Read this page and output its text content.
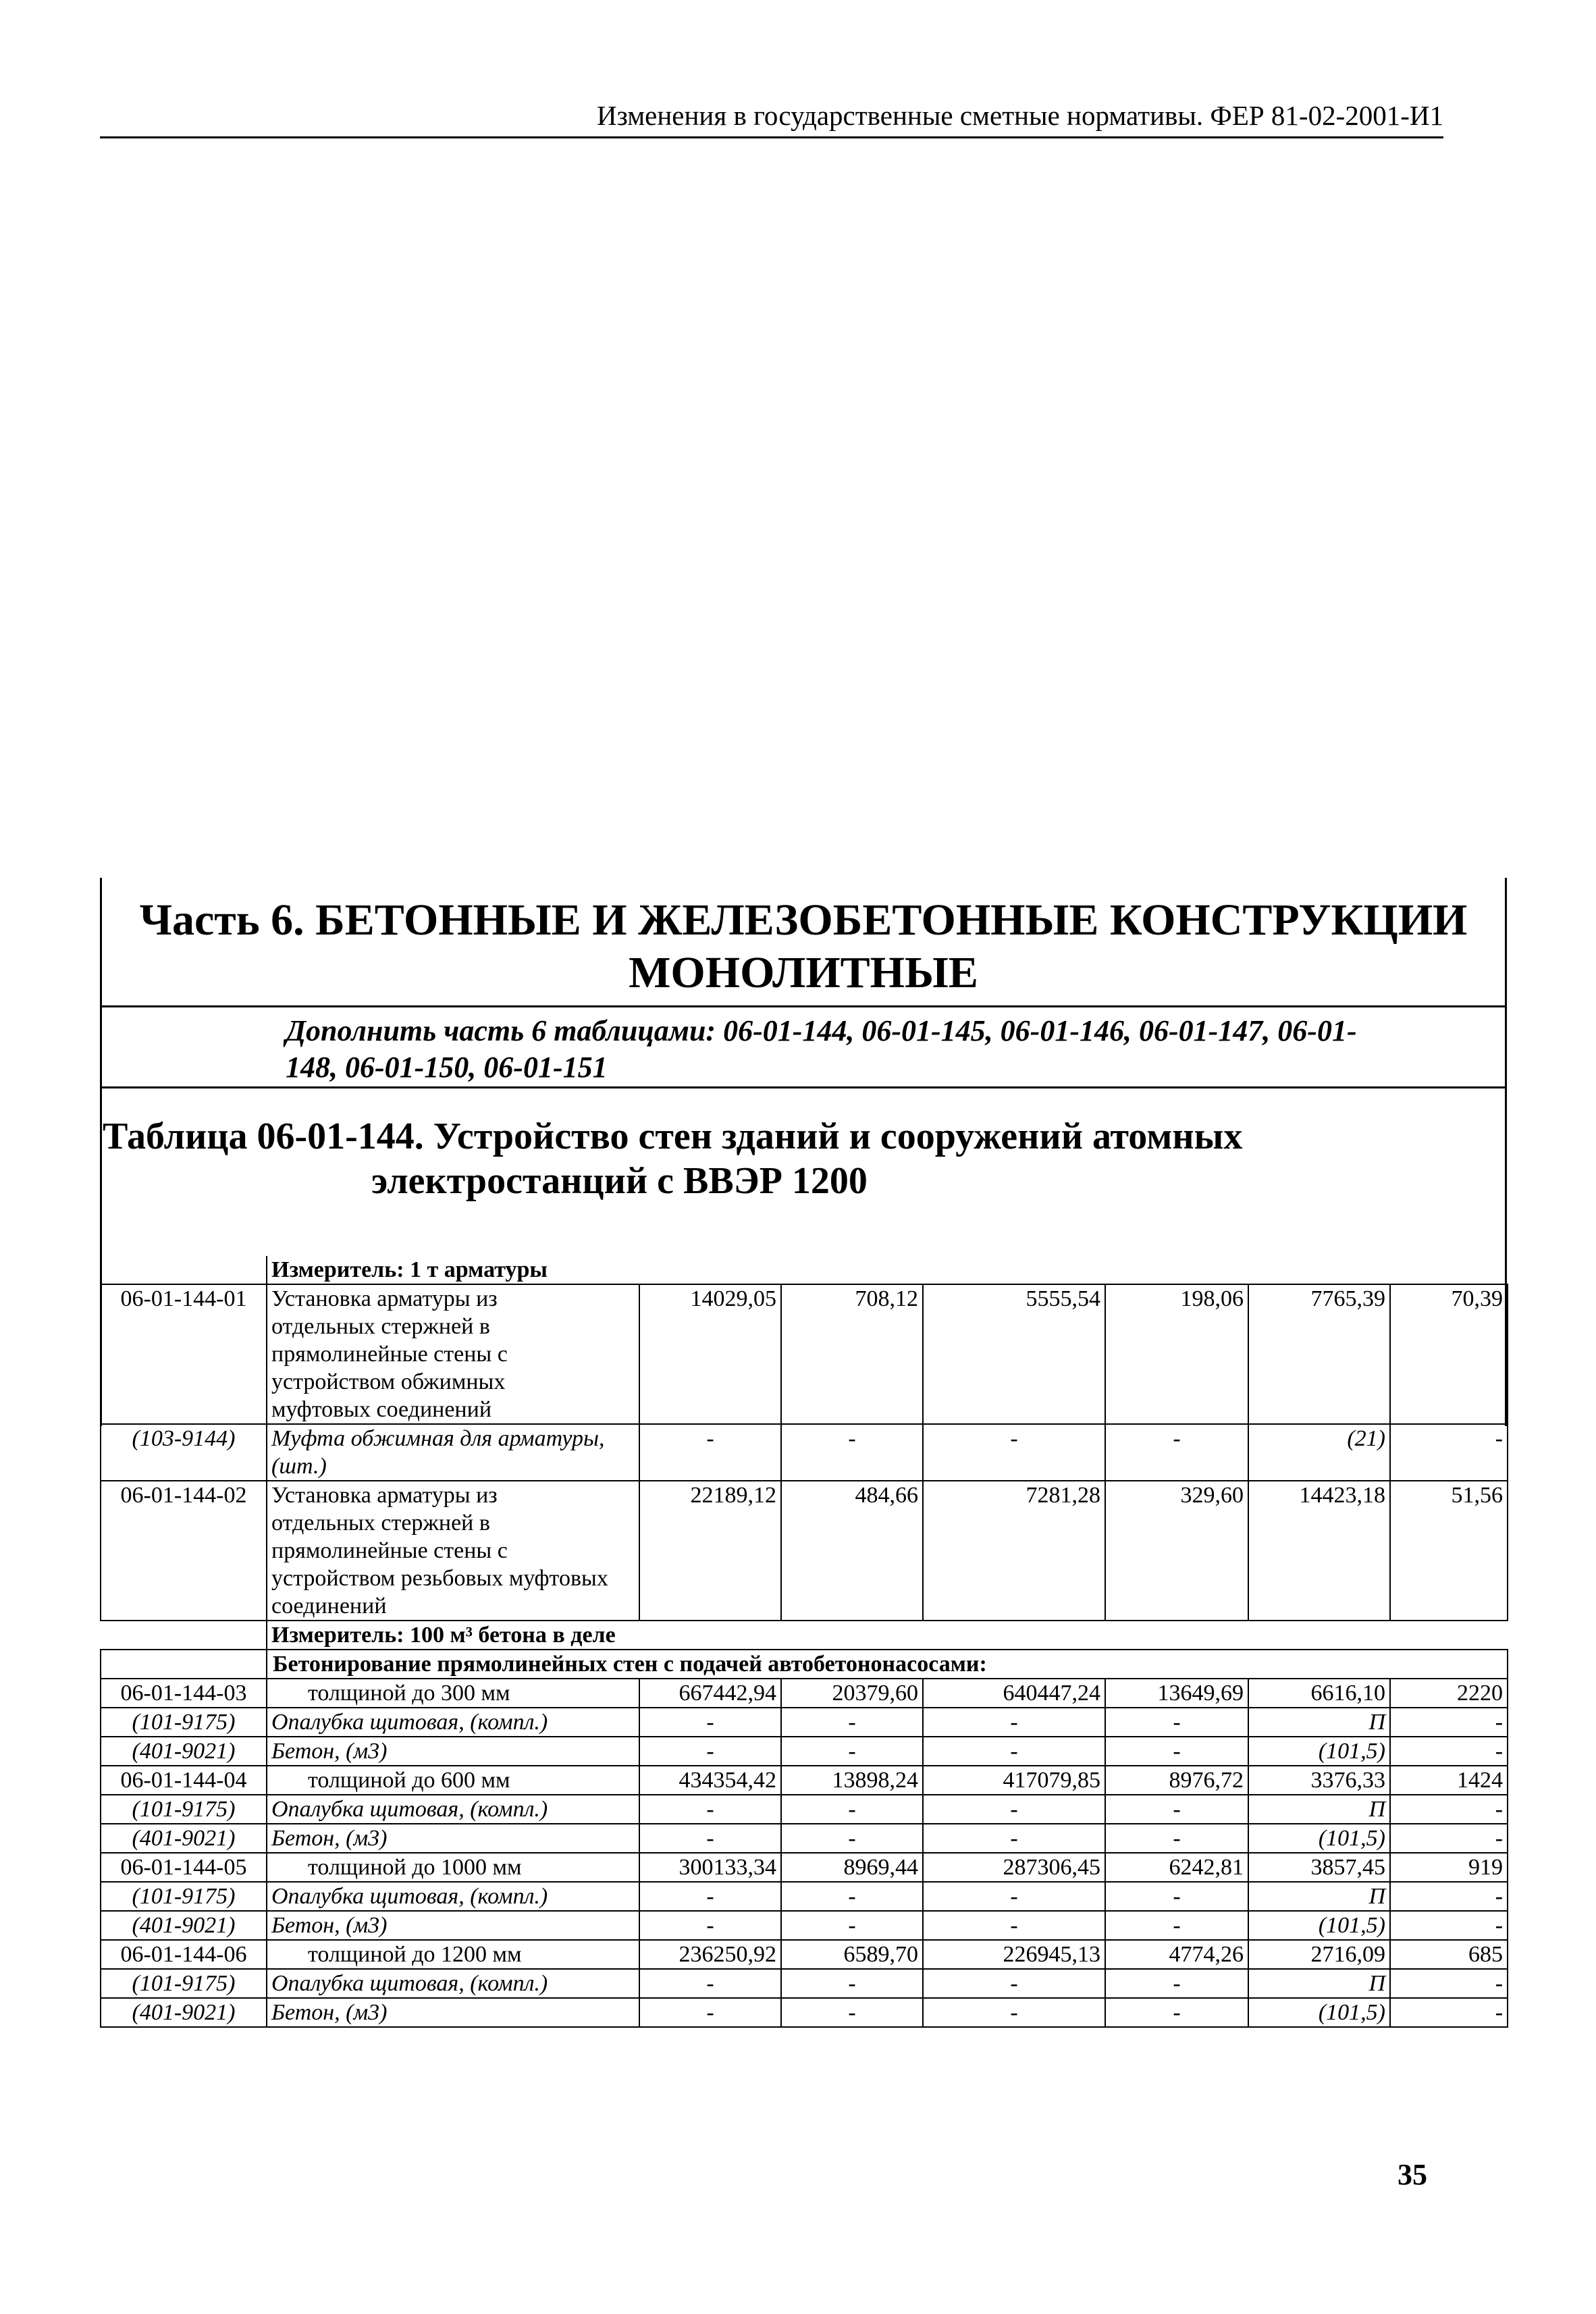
Изменения в государственные сметные нормативы. ФЕР 81-02-2001-И1
Часть 6. БЕТОННЫЕ И ЖЕЛЕЗОБЕТОННЫЕ КОНСТРУКЦИИ
МОНОЛИТНЫЕ
Дополнить часть 6 таблицами: 06-01-144, 06-01-145, 06-01-146, 06-01-147, 06-01-
148, 06-01-150, 06-01-151
Таблица 06-01-144. Устройство стен зданий и сооружений атомных
электростанций с ВВЭР 1200
	Измеритель: 1 т арматуры						
06-01-144-01	Установка арматуры из
отдельных стержней в
прямолинейные стены с
устройством обжимных
муфтовых соединений	14029,05	708,12	5555,54	198,06	7765,39	70,39
(103-9144)	Муфта обжимная для арматуры,
(шт.)	-	-	-	-	(21)	-
06-01-144-02	Установка арматуры из
отдельных стержней в
прямолинейные стены с
устройством резьбовых муфтовых
соединений	22189,12	484,66	7281,28	329,60	14423,18	51,56
	Измеритель: 100 м³ бетона в деле						
	Бетонирование прямолинейных стен с подачей автобетононасосами:						
06-01-144-03	толщиной до 300 мм	667442,94	20379,60	640447,24	13649,69	6616,10	2220
(101-9175)	Опалубка щитовая, (компл.)	-	-	-	-	П	-
(401-9021)	Бетон, (м3)	-	-	-	-	(101,5)	-
06-01-144-04	толщиной до 600 мм	434354,42	13898,24	417079,85	8976,72	3376,33	1424
(101-9175)	Опалубка щитовая, (компл.)	-	-	-	-	П	-
(401-9021)	Бетон, (м3)	-	-	-	-	(101,5)	-
06-01-144-05	толщиной до 1000 мм	300133,34	8969,44	287306,45	6242,81	3857,45	919
(101-9175)	Опалубка щитовая, (компл.)	-	-	-	-	П	-
(401-9021)	Бетон, (м3)	-	-	-	-	(101,5)	-
06-01-144-06	толщиной до 1200 мм	236250,92	6589,70	226945,13	4774,26	2716,09	685
(101-9175)	Опалубка щитовая, (компл.)	-	-	-	-	П	-
(401-9021)	Бетон, (м3)	-	-	-	-	(101,5)	-
35
